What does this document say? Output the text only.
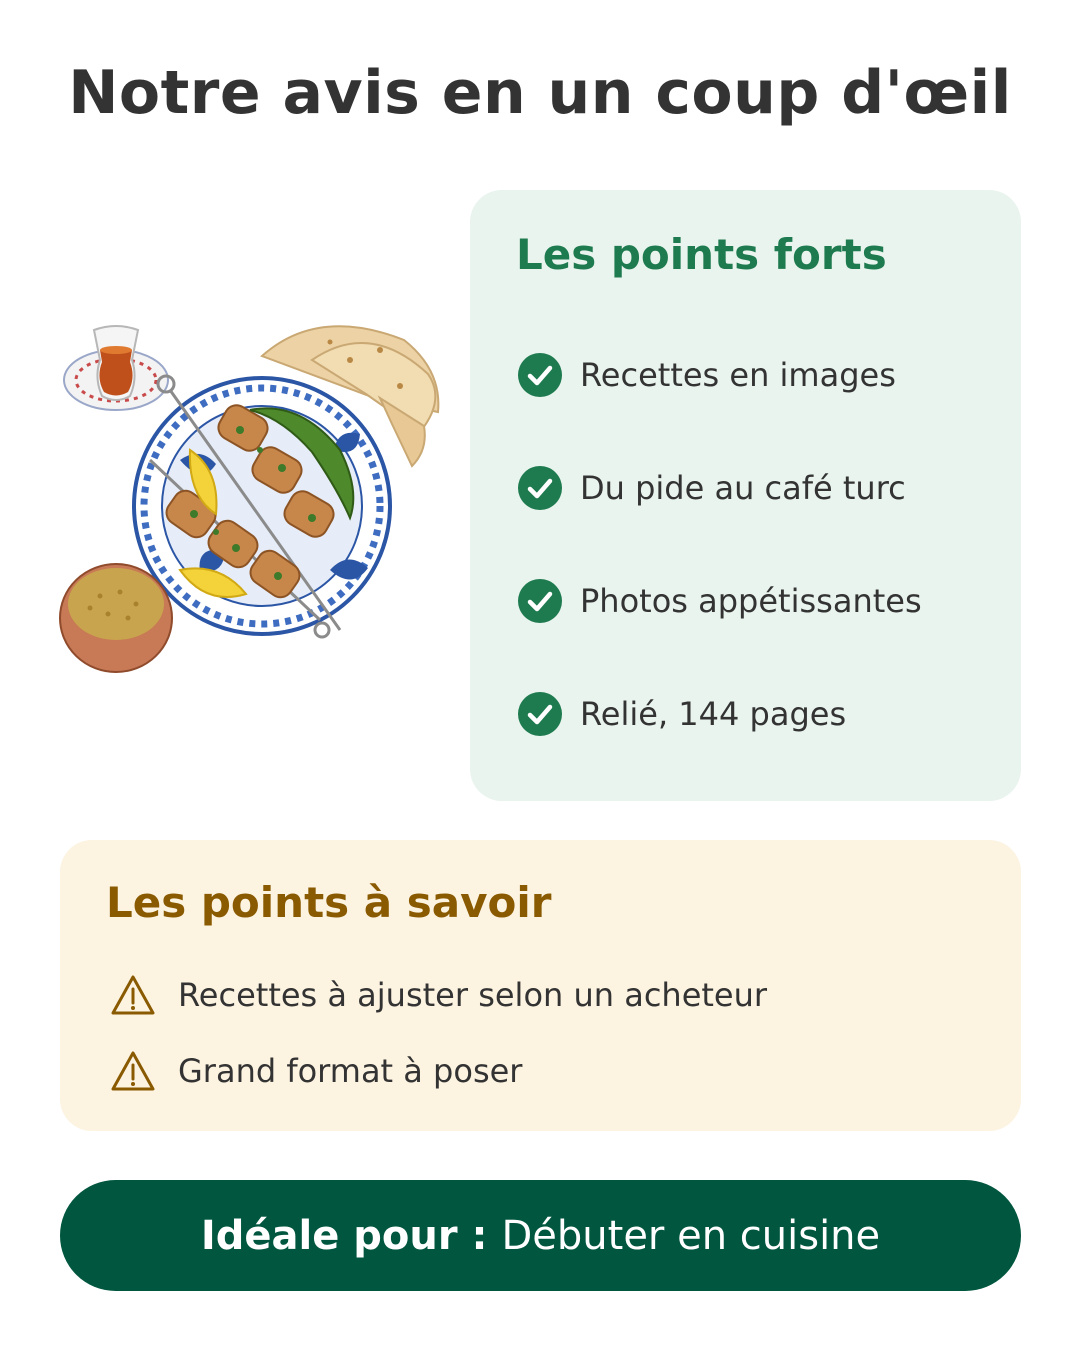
Notre avis en un coup d'œil
Les points forts
Recettes en images
Du pide au café turc
Photos appétissantes
Relié, 144 pages
Les points à savoir
Recettes à ajuster selon un acheteur
Grand format à poser
Idéale pour : Débuter en cuisine
